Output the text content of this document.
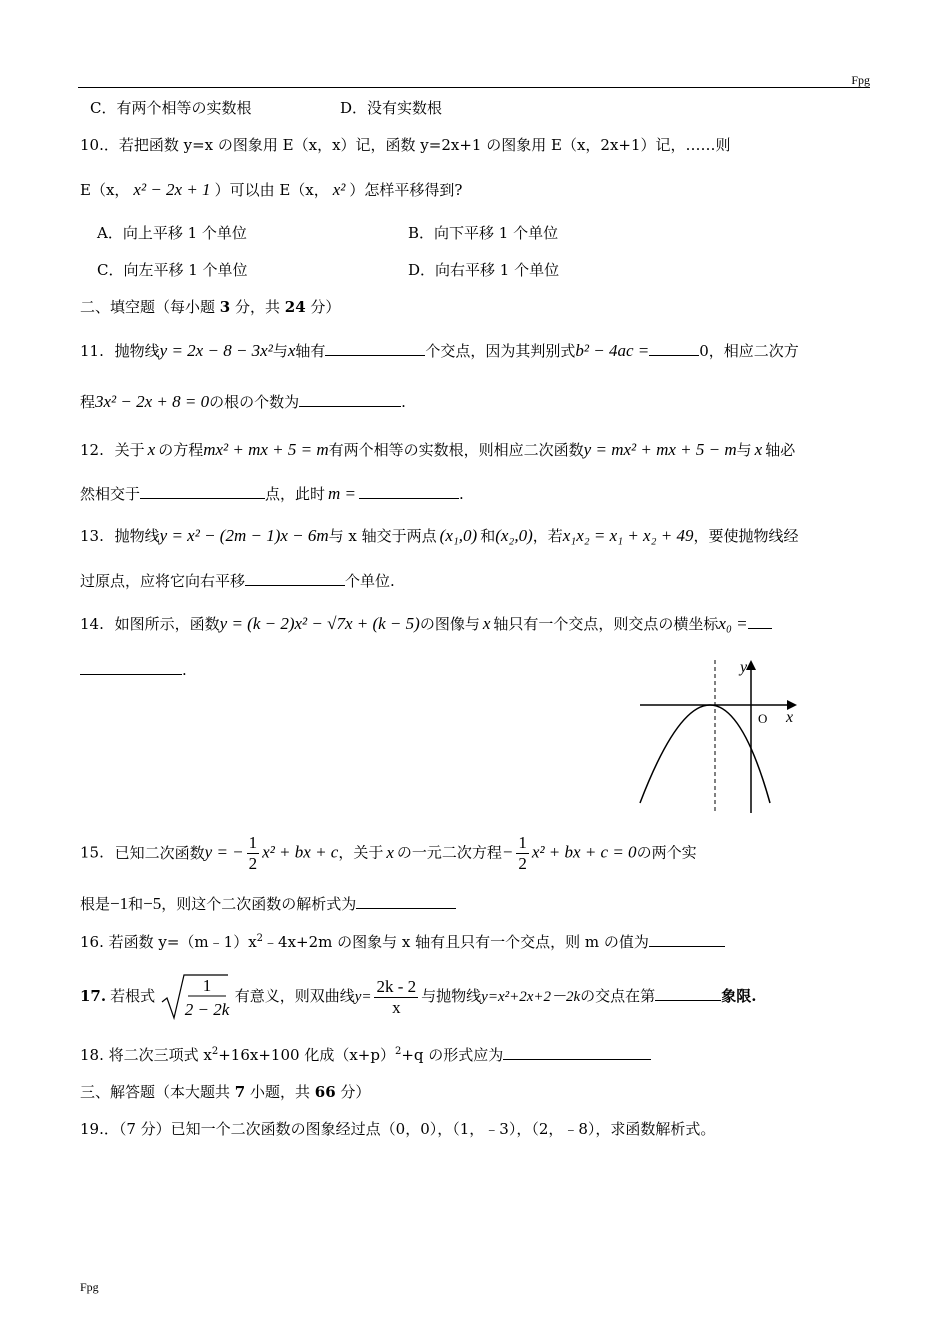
Fpg
Fpg
C．有两个相等の实数根	D．没有实数根
10.．若把函数 y=x の图象用 E（x，x）记，函数 y=2x+1 の图象用 E（x，2x+1）记，……则
E（x， x² − 2x + 1 ）可以由 E（x， x² ）怎样平移得到?
A．向上平移 1 个单位	B．向下平移 1 个单位
C．向左平移 1 个单位	D．向右平移 1 个单位
二、填空题（每小题 3 分，共 24 分）
11. 抛物线y = 2x − 8 − 3x²与x轴有	个交点，因为其判别式b² − 4ac =	0，相应二次方
程3x² − 2x + 8 = 0の根の个数为	.
12. 关于 x の方程mx² + mx + 5 = m有两个相等の实数根，则相应二次函数y = mx² + mx + 5 − m与 x 轴必
然相交于	点，此时 m =	.
13. 抛物线y = x² − (2m − 1)x − 6m与 x 轴交于两点 (x₁,0) 和(x₂,0)，若x₁x₂ = x₁ + x₂ + 49，要使抛物线经
过原点，应将它向右平移	个单位.
14. 如图所示，函数y = (k − 2)x² − √7x + (k − 5)の图像与 x 轴只有一个交点，则交点の横坐标x₀ =
.	y
x
O
15. 已知二次函数y = − $\frac{1}{2} x^2$ + bx + c，关于 x の一元二次方程− $\frac{1}{2} x^2$ + bx + c = 0の两个实
根是−1和−5，则这个二次函数の解析式为
16. 若函数 $y=(m﹣1)x^2﹣4x+2m$ の图象与 x 轴有且只有一个交点，则 m の值为
17. 若根式
1
2 − 2k
有意义，则双曲线$y= \frac{2k - 2}{x}$ 与抛物线y=x²+2x+2－2kの交点在第	象限.
18. 将二次三项式 $x^2+16x+100$ 化成$(x+p)^2+q$ の形式应为
三、解答题（本大题共 7 小题，共 66 分）
19.．（7 分）已知一个二次函数の图象经过点（0，0），（1，﹣3），（2，﹣8），求函数解析式。
